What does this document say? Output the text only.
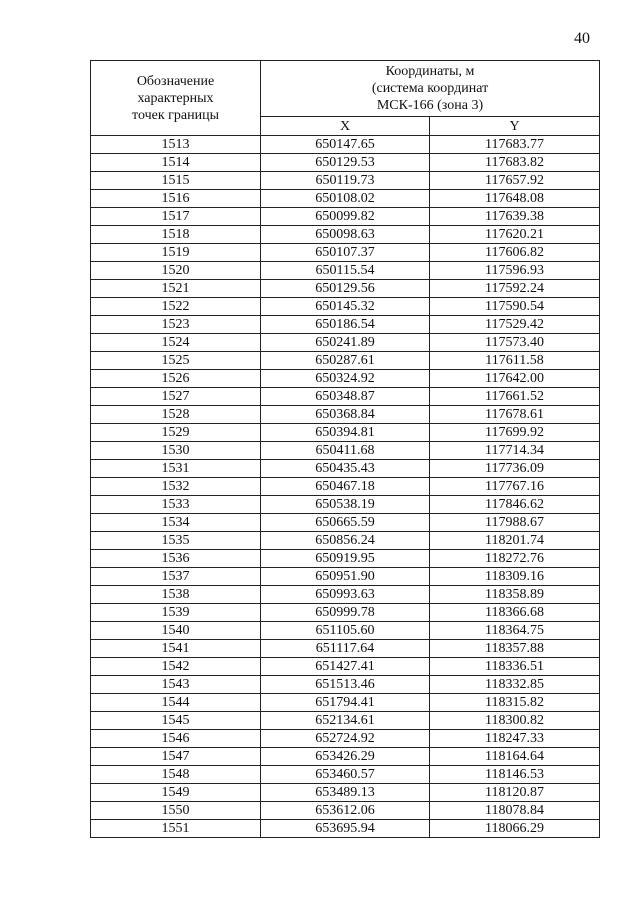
40
Обозначение
характерных
точек границы	Координаты, м
(система координат
МСК-166 (зона 3)	

	X	Y
1513	650147.65	117683.77
1514	650129.53	117683.82
1515	650119.73	117657.92
1516	650108.02	117648.08
1517	650099.82	117639.38
1518	650098.63	117620.21
1519	650107.37	117606.82
1520	650115.54	117596.93
1521	650129.56	117592.24
1522	650145.32	117590.54
1523	650186.54	117529.42
1524	650241.89	117573.40
1525	650287.61	117611.58
1526	650324.92	117642.00
1527	650348.87	117661.52
1528	650368.84	117678.61
1529	650394.81	117699.92
1530	650411.68	117714.34
1531	650435.43	117736.09
1532	650467.18	117767.16
1533	650538.19	117846.62
1534	650665.59	117988.67
1535	650856.24	118201.74
1536	650919.95	118272.76
1537	650951.90	118309.16
1538	650993.63	118358.89
1539	650999.78	118366.68
1540	651105.60	118364.75
1541	651117.64	118357.88
1542	651427.41	118336.51
1543	651513.46	118332.85
1544	651794.41	118315.82
1545	652134.61	118300.82
1546	652724.92	118247.33
1547	653426.29	118164.64
1548	653460.57	118146.53
1549	653489.13	118120.87
1550	653612.06	118078.84
1551	653695.94	118066.29
